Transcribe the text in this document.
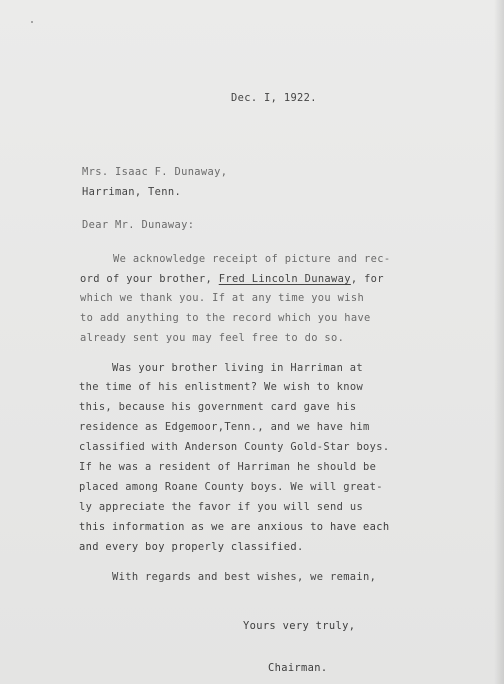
Dec. I, 1922.
Mrs. Isaac F. Dunaway,
Harriman, Tenn.
Dear Mr. Dunaway:
We acknowledge receipt of picture and rec-
ord of your brother, Fred Lincoln Dunaway, for
which we thank you. If at any time you wish
to add anything to the record which you have
already sent you may feel free to do so.
Was your brother living in Harriman at
the time of his enlistment? We wish to know
this, because his government card gave his
residence as Edgemoor,Tenn., and we have him
classified with Anderson County Gold-Star boys.
If he was a resident of Harriman he should be
placed among Roane County boys. We will great-
ly appreciate the favor if you will send us
this information as we are anxious to have each
and every boy properly classified.
With regards and best wishes, we remain,
Yours very truly,
Chairman.
